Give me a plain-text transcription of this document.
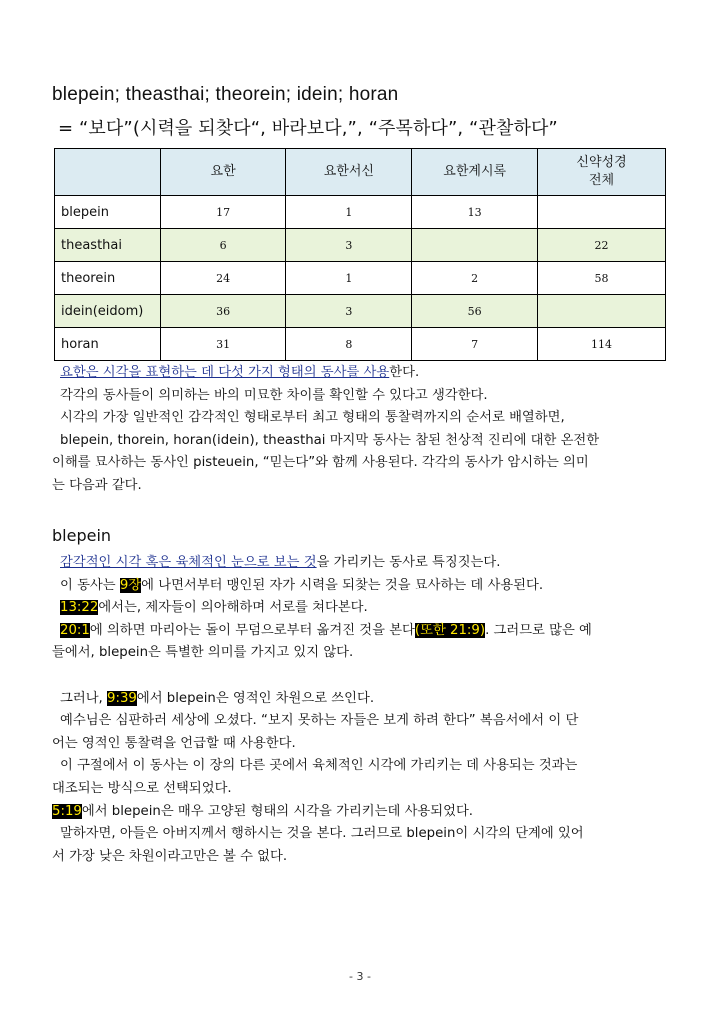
blepein; theasthai; theorein; idein; horan
= “보다”(시력을 되찾다“, 바라보다,”, “주목하다”, “관찰하다”
	요한	요한서신	요한계시록	신약성경
전체
blepein	17	1	13	
theasthai	6	3		22
theorein	24	1	2	58
idein(eidom)	36	3	56	
horan	31	8	7	114
요한은 시각을 표현하는 데 다섯 가지 형태의 동사를 사용한다.
각각의 동사들이 의미하는 바의 미묘한 차이를 확인할 수 있다고 생각한다.
시각의 가장 일반적인 감각적인 형태로부터 최고 형태의 통찰력까지의 순서로 배열하면,
blepein, thorein, horan(idein), theasthai 마지막 동사는 참된 천상적 진리에 대한 온전한
이해를 묘사하는 동사인 pisteuein, “믿는다”와 함께 사용된다. 각각의 동사가 암시하는 의미
는 다음과 같다.
blepein
감각적인 시각 혹은 육체적인 눈으로 보는 것을 가리키는 동사로 특징짓는다.
이 동사는 9장에 나면서부터 맹인된 자가 시력을 되찾는 것을 묘사하는 데 사용된다.
13:22에서는, 제자들이 의아해하며 서로를 쳐다본다.
20:1에 의하면 마리아는 돌이 무덤으로부터 옮겨진 것을 본다(또한 21:9). 그러므로 많은 예
들에서, blepein은 특별한 의미를 가지고 있지 않다.

그러나, 9:39에서 blepein은 영적인 차원으로 쓰인다.
예수님은 심판하러 세상에 오셨다. “보지 못하는 자들은 보게 하려 한다” 복음서에서 이 단
어는 영적인 통찰력을 언급할 때 사용한다.
이 구절에서 이 동사는 이 장의 다른 곳에서 육체적인 시각에 가리키는 데 사용되는 것과는
대조되는 방식으로 선택되었다.
5:19에서 blepein은 매우 고양된 형태의 시각을 가리키는데 사용되었다.
말하자면, 아들은 아버지께서 행하시는 것을 본다. 그러므로 blepein이 시각의 단계에 있어
서 가장 낮은 차원이라고만은 볼 수 없다.
- 3 -
